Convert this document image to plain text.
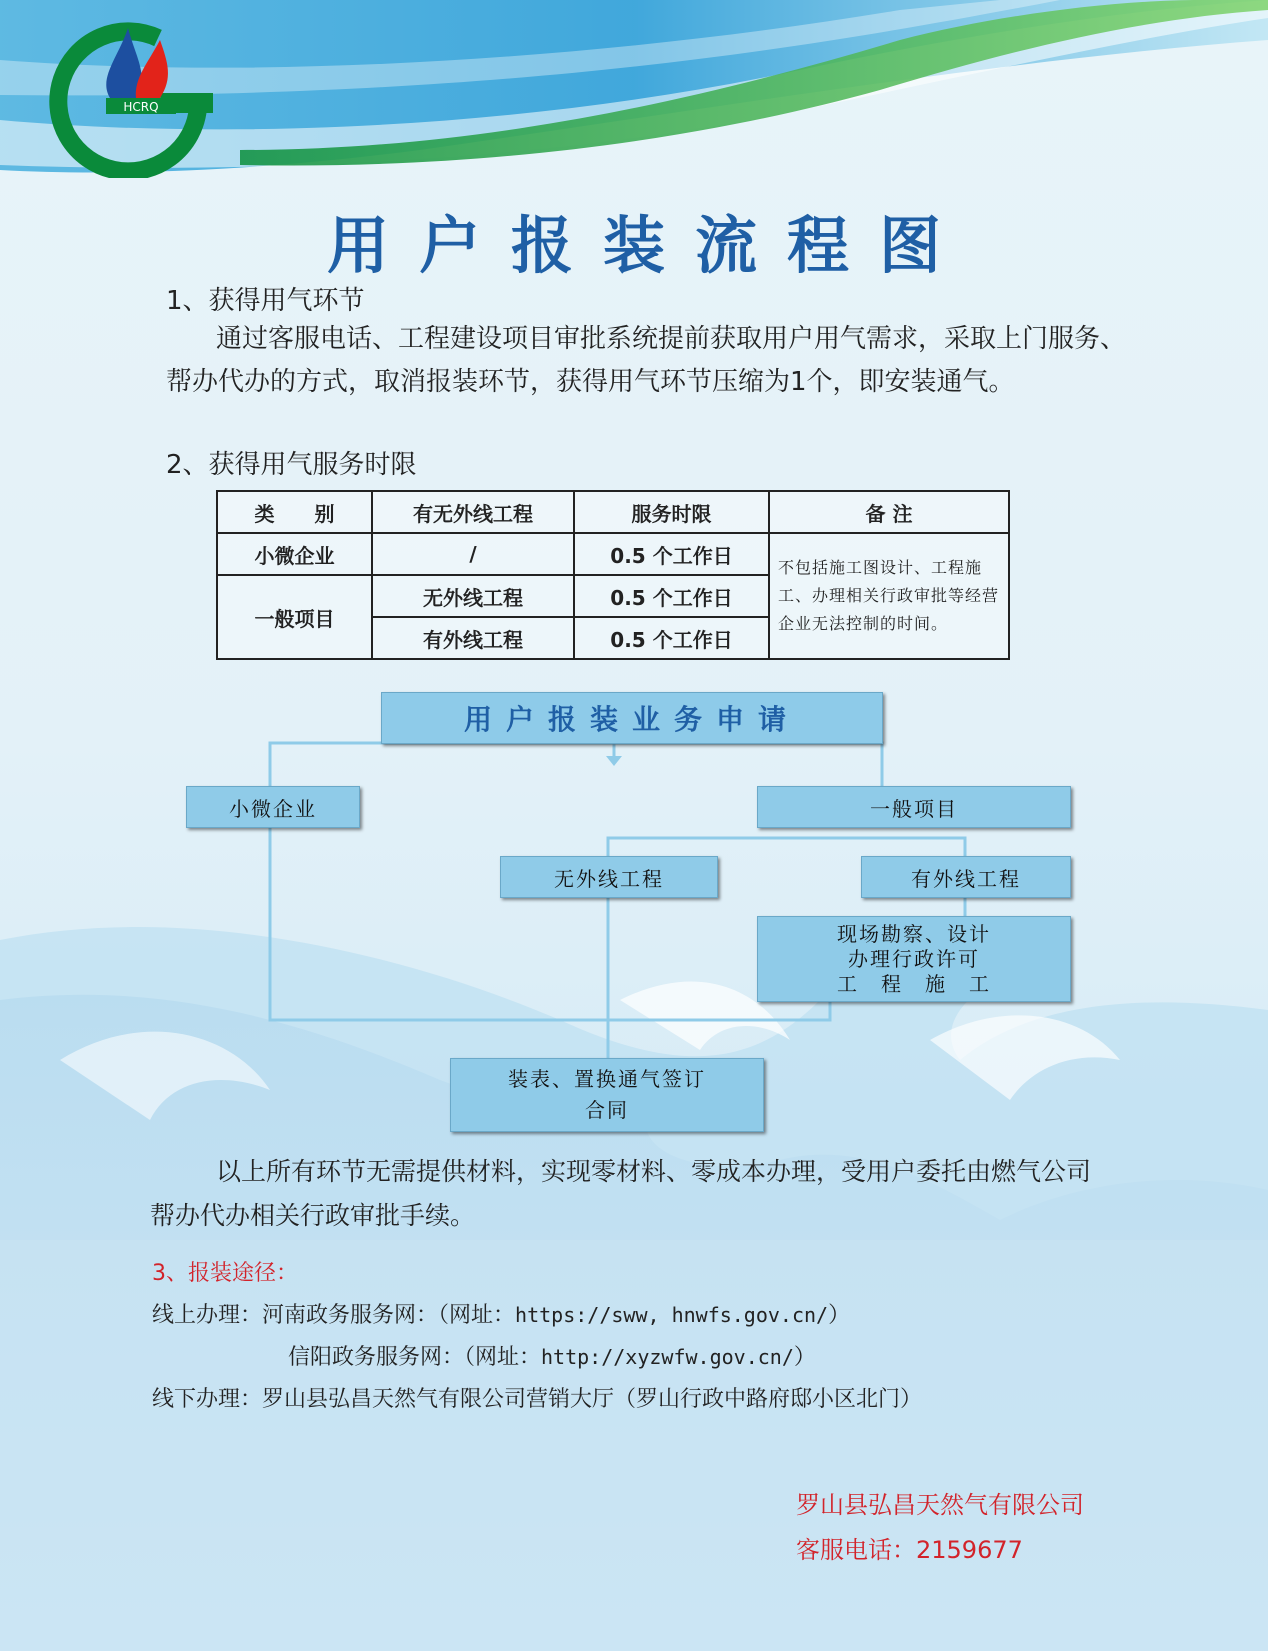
HCRQ
用户报装流程图
1、获得用气环节
通过客服电话、工程建设项目审批系统提前获取用户用气需求，采取上门服务、帮办代办的方式，取消报装环节，获得用气环节压缩为1个，即安装通气。
2、获得用气服务时限
类　　别	有无外线工程	服务时限	备 注
小微企业	/	0.5 个工作日	不包括施工图设计、工程施工、办理相关行政审批等经营企业无法控制的时间。
一般项目	无外线工程	0.5 个工作日	
	有外线工程	0.5 个工作日	
用户报装业务申请
小微企业	一般项目
无外线工程	有外线工程
现场勘察、设计
办理行政许可
工　程　施　工
装表、置换通气签订
合同
以上所有环节无需提供材料，实现零材料、零成本办理，受用户委托由燃气公司帮办代办相关行政审批手续。
3、报装途径：
线上办理：河南政务服务网：（网址：https://sww, hnwfs.gov.cn/）
信阳政务服务网：（网址：http://xyzwfw.gov.cn/）
线下办理：罗山县弘昌天然气有限公司营销大厅（罗山行政中路府邸小区北门）
罗山县弘昌天然气有限公司
客服电话：2159677
